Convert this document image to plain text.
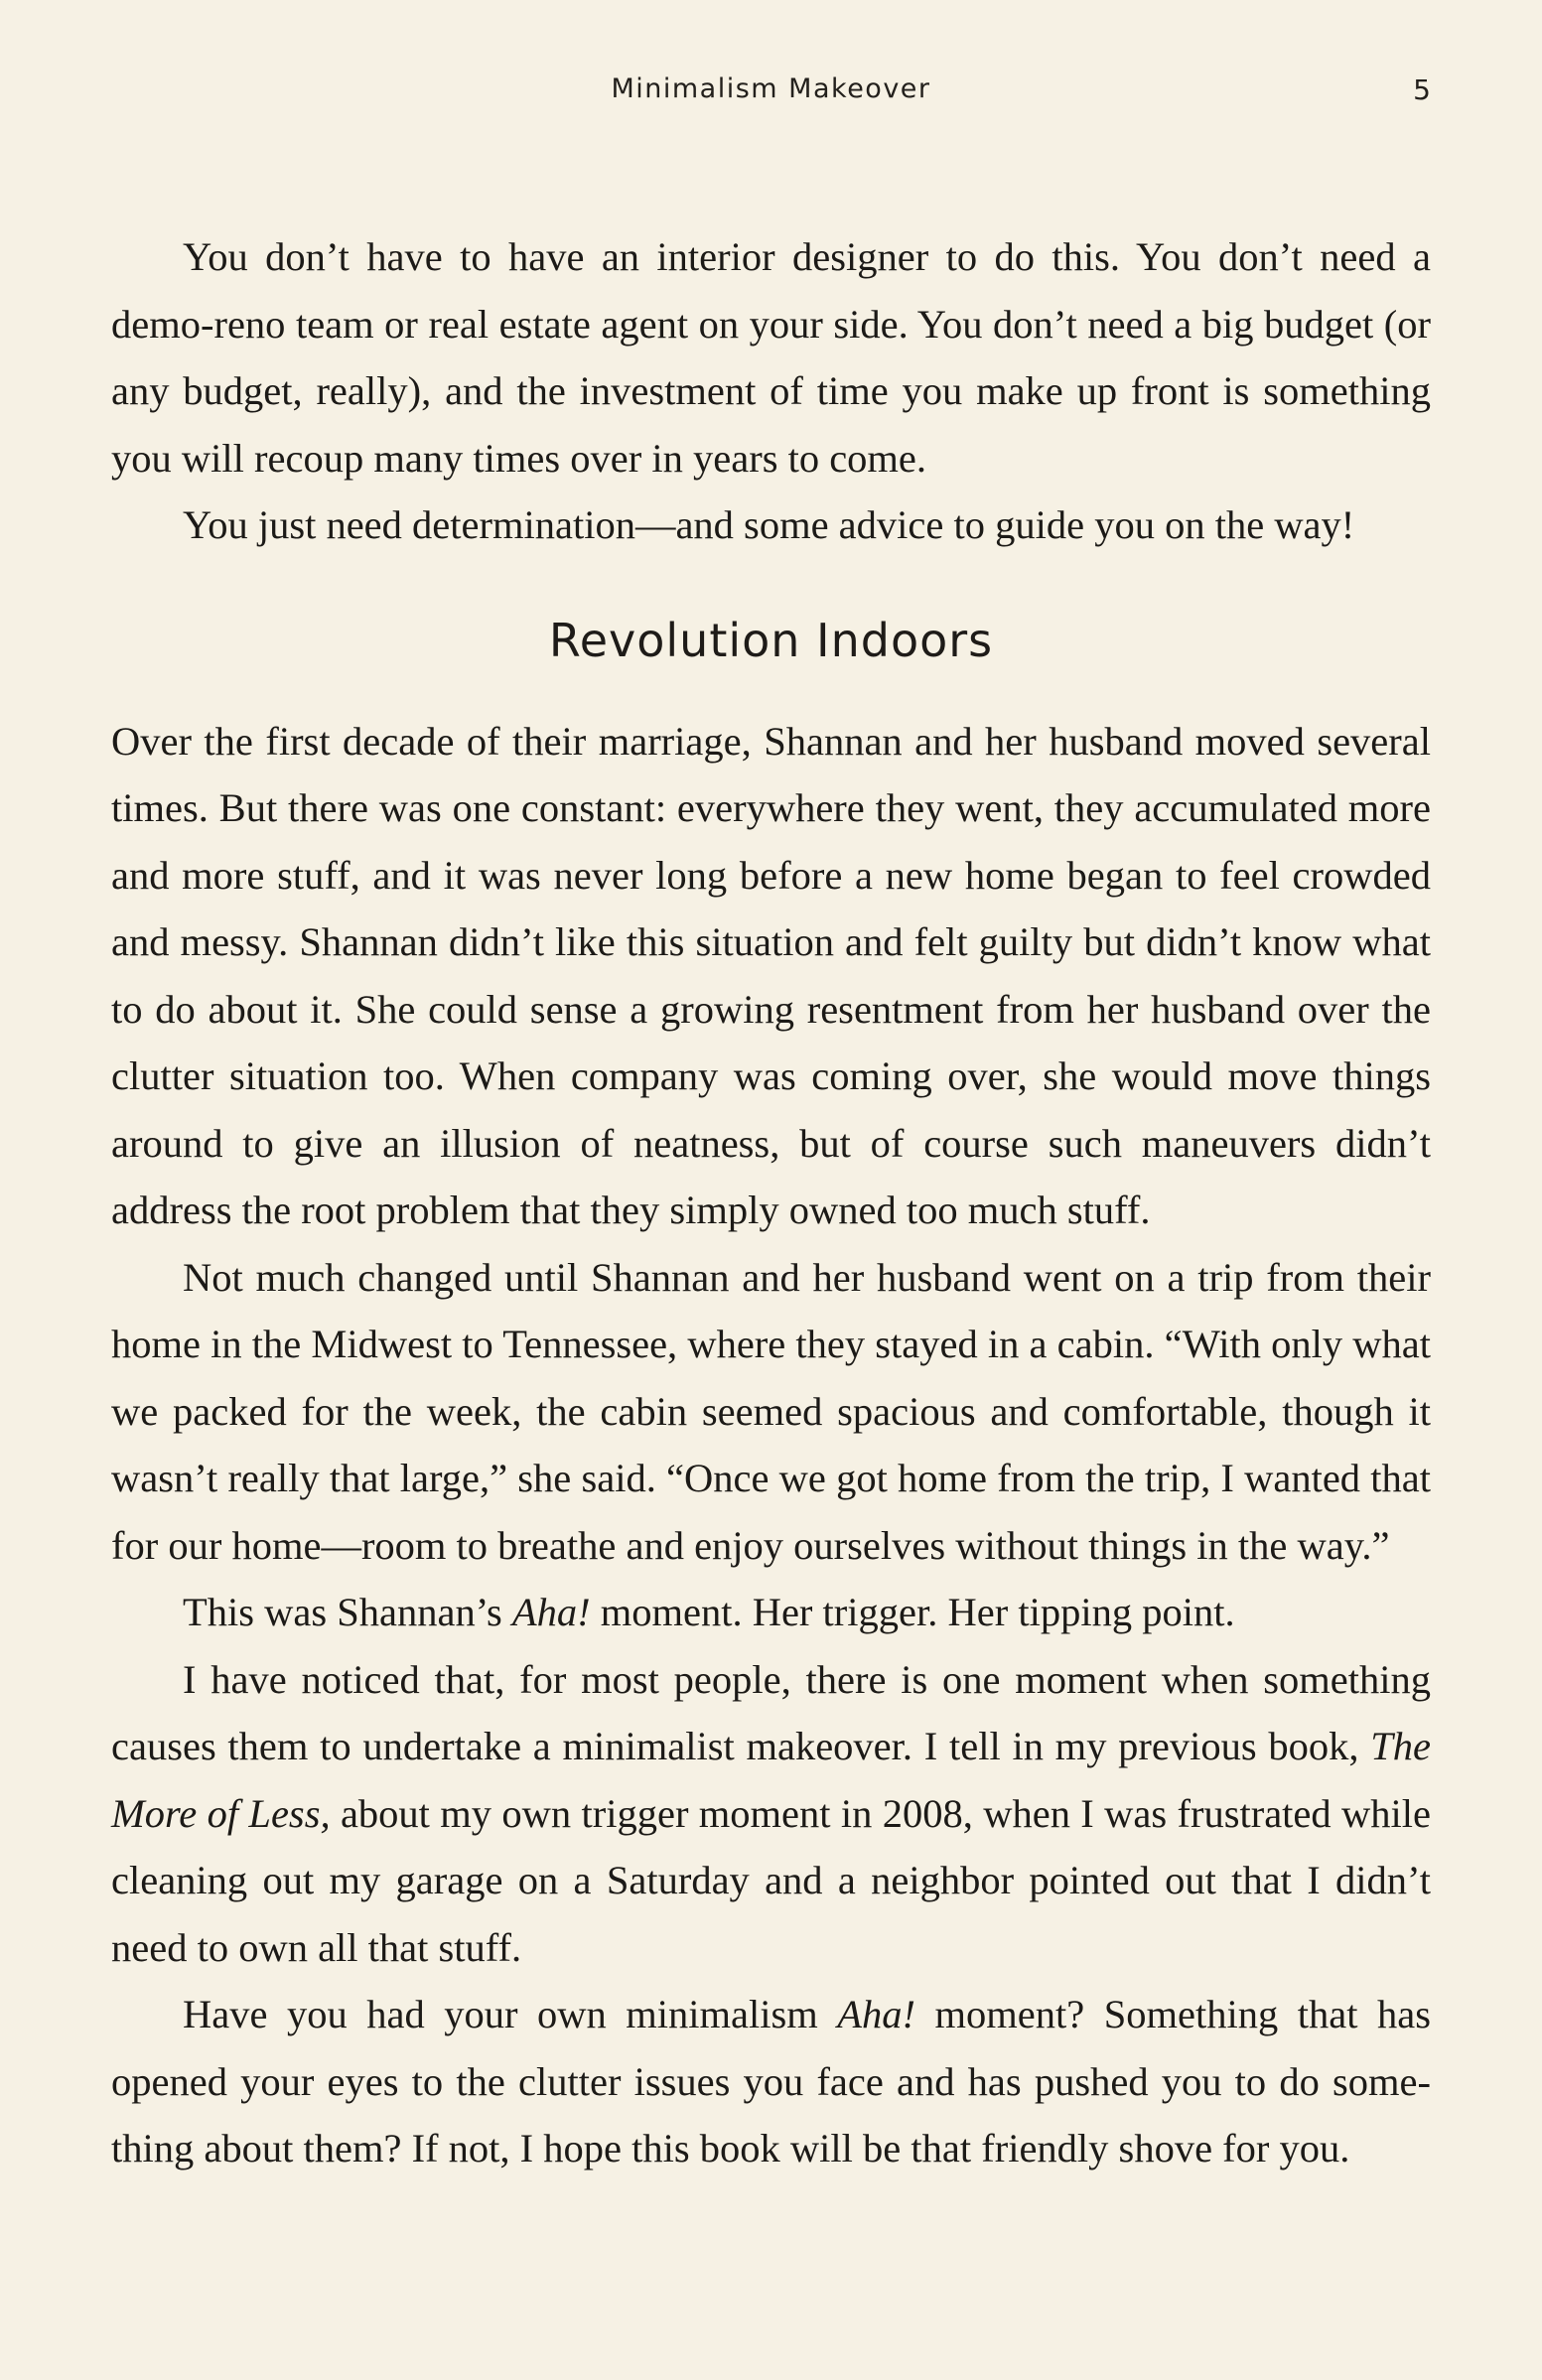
Minimalism Makeover	5

You don’t have to have an interior designer to do this. You don’t need a demo-reno team or real estate agent on your side. You don’t need a big budget (or any budget, really), and the investment of time you make up front is something you will recoup many times over in years to come.

You just need determination—and some advice to guide you on the way!

Revolution Indoors

Over the first decade of their marriage, Shannan and her husband moved several times. But there was one constant: everywhere they went, they accumulated more and more stuff, and it was never long before a new home began to feel crowded and messy. Shannan didn’t like this situation and felt guilty but didn’t know what to do about it. She could sense a growing resentment from her husband over the clutter situation too. When company was coming over, she would move things around to give an illusion of neatness, but of course such maneuvers didn’t address the root problem that they simply owned too much stuff.

Not much changed until Shannan and her husband went on a trip from their home in the Midwest to Tennessee, where they stayed in a cabin. “With only what we packed for the week, the cabin seemed spacious and comfortable, though it wasn’t really that large,” she said. “Once we got home from the trip, I wanted that for our home—room to breathe and enjoy ourselves without things in the way.”

This was Shannan’s Aha! moment. Her trigger. Her tipping point.

I have noticed that, for most people, there is one moment when something causes them to undertake a minimalist makeover. I tell in my previous book, The More of Less, about my own trigger moment in 2008, when I was frustrated while cleaning out my garage on a Saturday and a neighbor pointed out that I didn’t need to own all that stuff.

Have you had your own minimalism Aha! moment? Something that has opened your eyes to the clutter issues you face and has pushed you to do something about them? If not, I hope this book will be that friendly shove for you.
